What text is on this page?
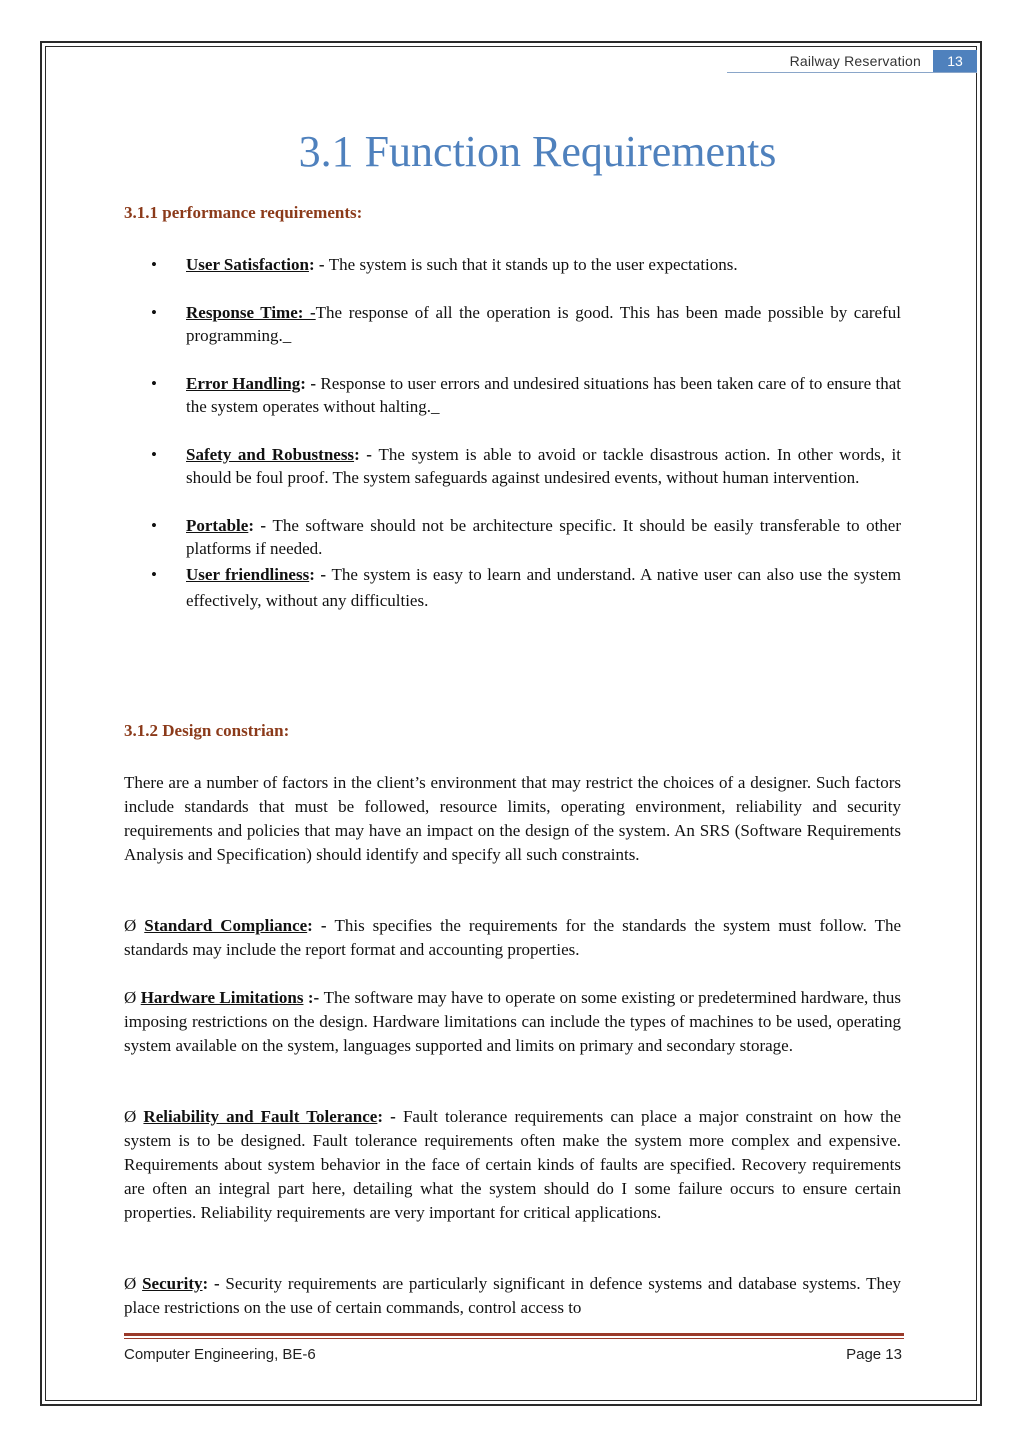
Railway Reservation	13
3.1 Function Requirements

3.1.1 performance requirements:

• User Satisfaction: - The system is such that it stands up to the user expectations.
• Response Time: -The response of all the operation is good. This has been made possible by careful programming._
• Error Handling: - Response to user errors and undesired situations has been taken care of to ensure that the system operates without halting._
• Safety and Robustness: - The system is able to avoid or tackle disastrous action. In other words, it should be foul proof. The system safeguards against undesired events, without human intervention.
• Portable: - The software should not be architecture specific. It should be easily transferable to other platforms if needed.
• User friendliness: - The system is easy to learn and understand. A native user can also use the system effectively, without any difficulties.

3.1.2 Design constrian:

There are a number of factors in the client’s environment that may restrict the choices of a designer. Such factors include standards that must be followed, resource limits, operating environment, reliability and security requirements and policies that may have an impact on the design of the system. An SRS (Software Requirements Analysis and Specification) should identify and specify all such constraints.

Ø Standard Compliance: - This specifies the requirements for the standards the system must follow. The standards may include the report format and accounting properties.

Ø Hardware Limitations :- The software may have to operate on some existing or predetermined hardware, thus imposing restrictions on the design. Hardware limitations can include the types of machines to be used, operating system available on the system, languages supported and limits on primary and secondary storage.

Ø Reliability and Fault Tolerance: - Fault tolerance requirements can place a major constraint on how the system is to be designed. Fault tolerance requirements often make the system more complex and expensive. Requirements about system behavior in the face of certain kinds of faults are specified. Recovery requirements are often an integral part here, detailing what the system should do I some failure occurs to ensure certain properties. Reliability requirements are very important for critical applications.

Ø Security: - Security requirements are particularly significant in defence systems and database systems. They place restrictions on the use of certain commands, control access to

Computer Engineering, BE-6	Page 13
